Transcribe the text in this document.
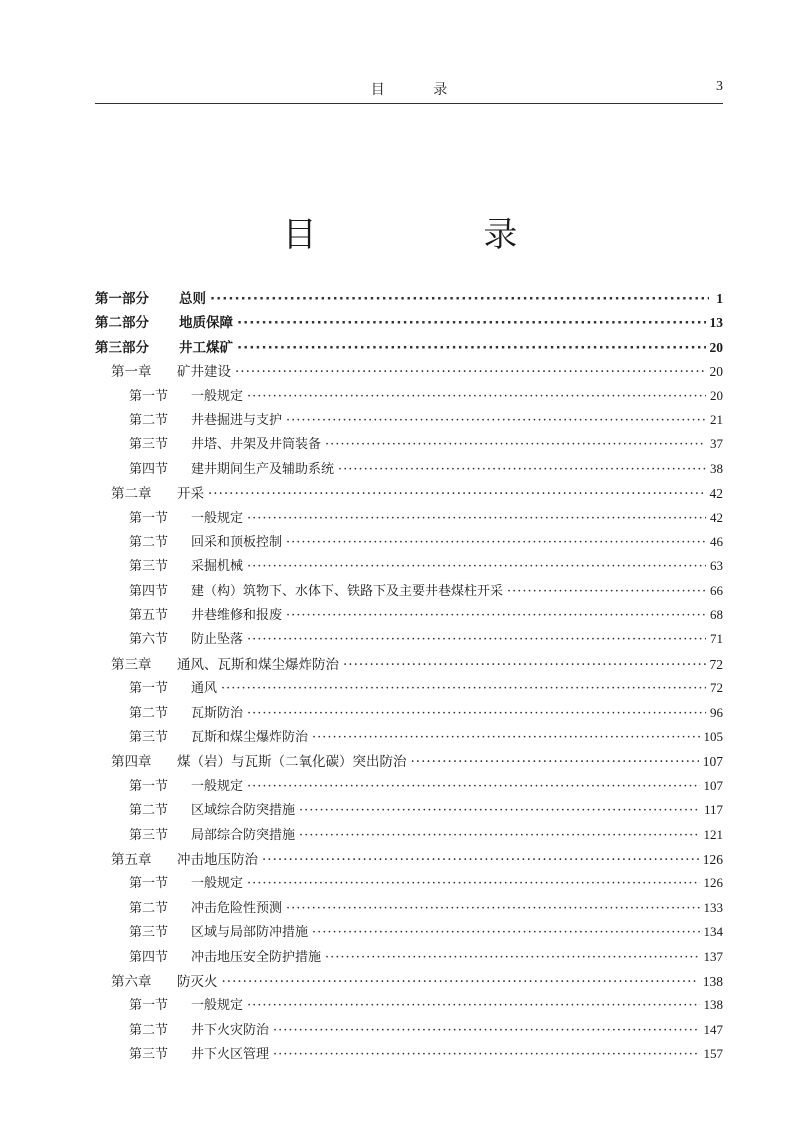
目 录	3
目 录
第一部分	总则 ·····	1
第二部分	地质保障 ·····	13
第三部分	井工煤矿 ·····	20
第一章	矿井建设 ·····	20
第一节	一般规定 ·····	20
第二节	井巷掘进与支护 ·····	21
第三节	井塔、井架及井筒装备 ·····	37
第四节	建井期间生产及辅助系统 ·····	38
第二章	开采 ·····	42
第一节	一般规定 ·····	42
第二节	回采和顶板控制 ·····	46
第三节	采掘机械 ·····	63
第四节	建（构）筑物下、水体下、铁路下及主要井巷煤柱开采 ·····	66
第五节	井巷维修和报废 ·····	68
第六节	防止坠落 ·····	71
第三章	通风、瓦斯和煤尘爆炸防治 ·····	72
第一节	通风 ·····	72
第二节	瓦斯防治 ·····	96
第三节	瓦斯和煤尘爆炸防治 ·····	105
第四章	煤（岩）与瓦斯（二氧化碳）突出防治 ·····	107
第一节	一般规定 ·····	107
第二节	区域综合防突措施 ·····	117
第三节	局部综合防突措施 ·····	121
第五章	冲击地压防治 ·····	126
第一节	一般规定 ·····	126
第二节	冲击危险性预测 ·····	133
第三节	区域与局部防冲措施 ·····	134
第四节	冲击地压安全防护措施 ·····	137
第六章	防灭火 ·····	138
第一节	一般规定 ·····	138
第二节	井下火灾防治 ·····	147
第三节	井下火区管理 ·····	157
